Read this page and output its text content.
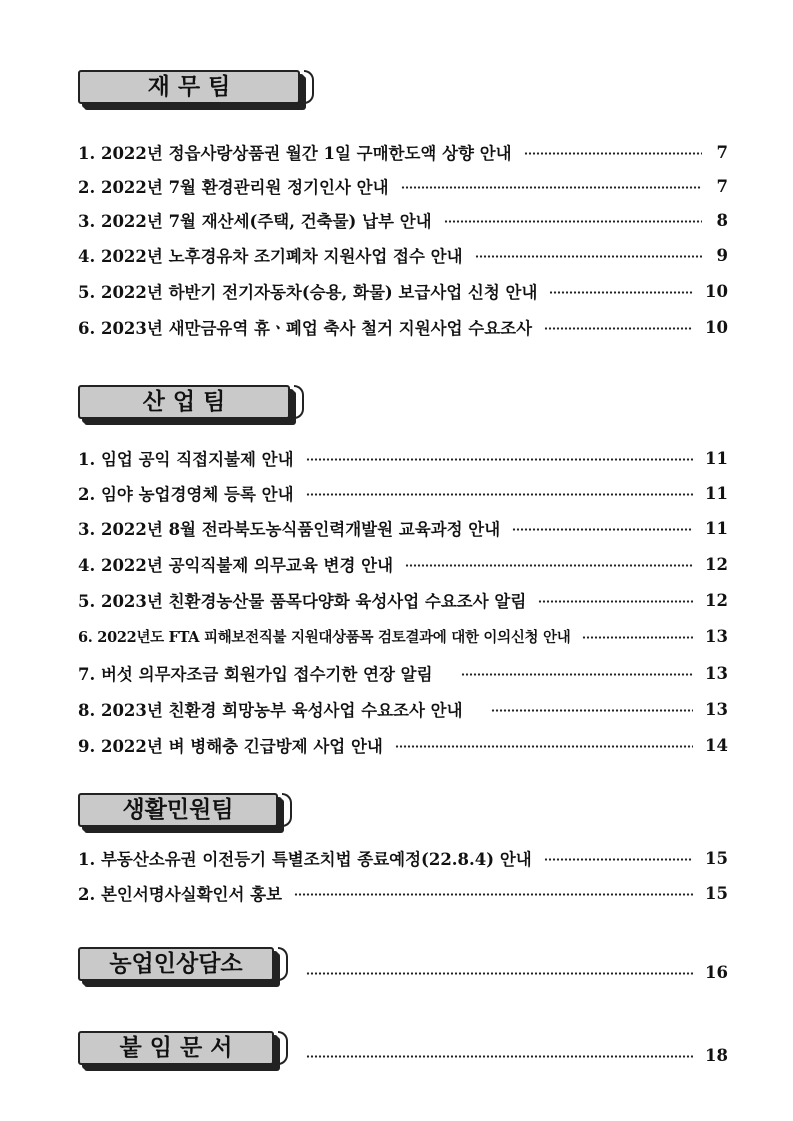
재 무 팀
1. 2022년 정읍사랑상품권 월간 1일 구매한도액 상향 안내	7
2. 2022년 7월 환경관리원 정기인사 안내	7
3. 2022년 7월 재산세(주택, 건축물) 납부 안내	8
4. 2022년 노후경유차 조기폐차 지원사업 접수 안내	9
5. 2022년 하반기 전기자동차(승용, 화물) 보급사업 신청 안내	10
6. 2023년 새만금유역 휴ㆍ폐업 축사 철거 지원사업 수요조사	10
산 업 팀
1. 임업 공익 직접지불제 안내	11
2. 임야 농업경영체 등록 안내	11
3. 2022년 8월 전라북도농식품인력개발원 교육과정 안내	11
4. 2022년 공익직불제 의무교육 변경 안내	12
5. 2023년 친환경농산물 품목다양화 육성사업 수요조사 알림	12
6. 2022년도 FTA 피해보전직불 지원대상품목 검토결과에 대한 이의신청 안내	13
7. 버섯 의무자조금 회원가입 접수기한 연장 알림	13
8. 2023년 친환경 희망농부 육성사업 수요조사 안내	13
9. 2022년 벼 병해충 긴급방제 사업 안내	14
생활민원팀
1. 부동산소유권 이전등기 특별조치법 종료예정(22.8.4) 안내	15
2. 본인서명사실확인서 홍보	15
농업인상담소	16
붙 임 문 서	18
